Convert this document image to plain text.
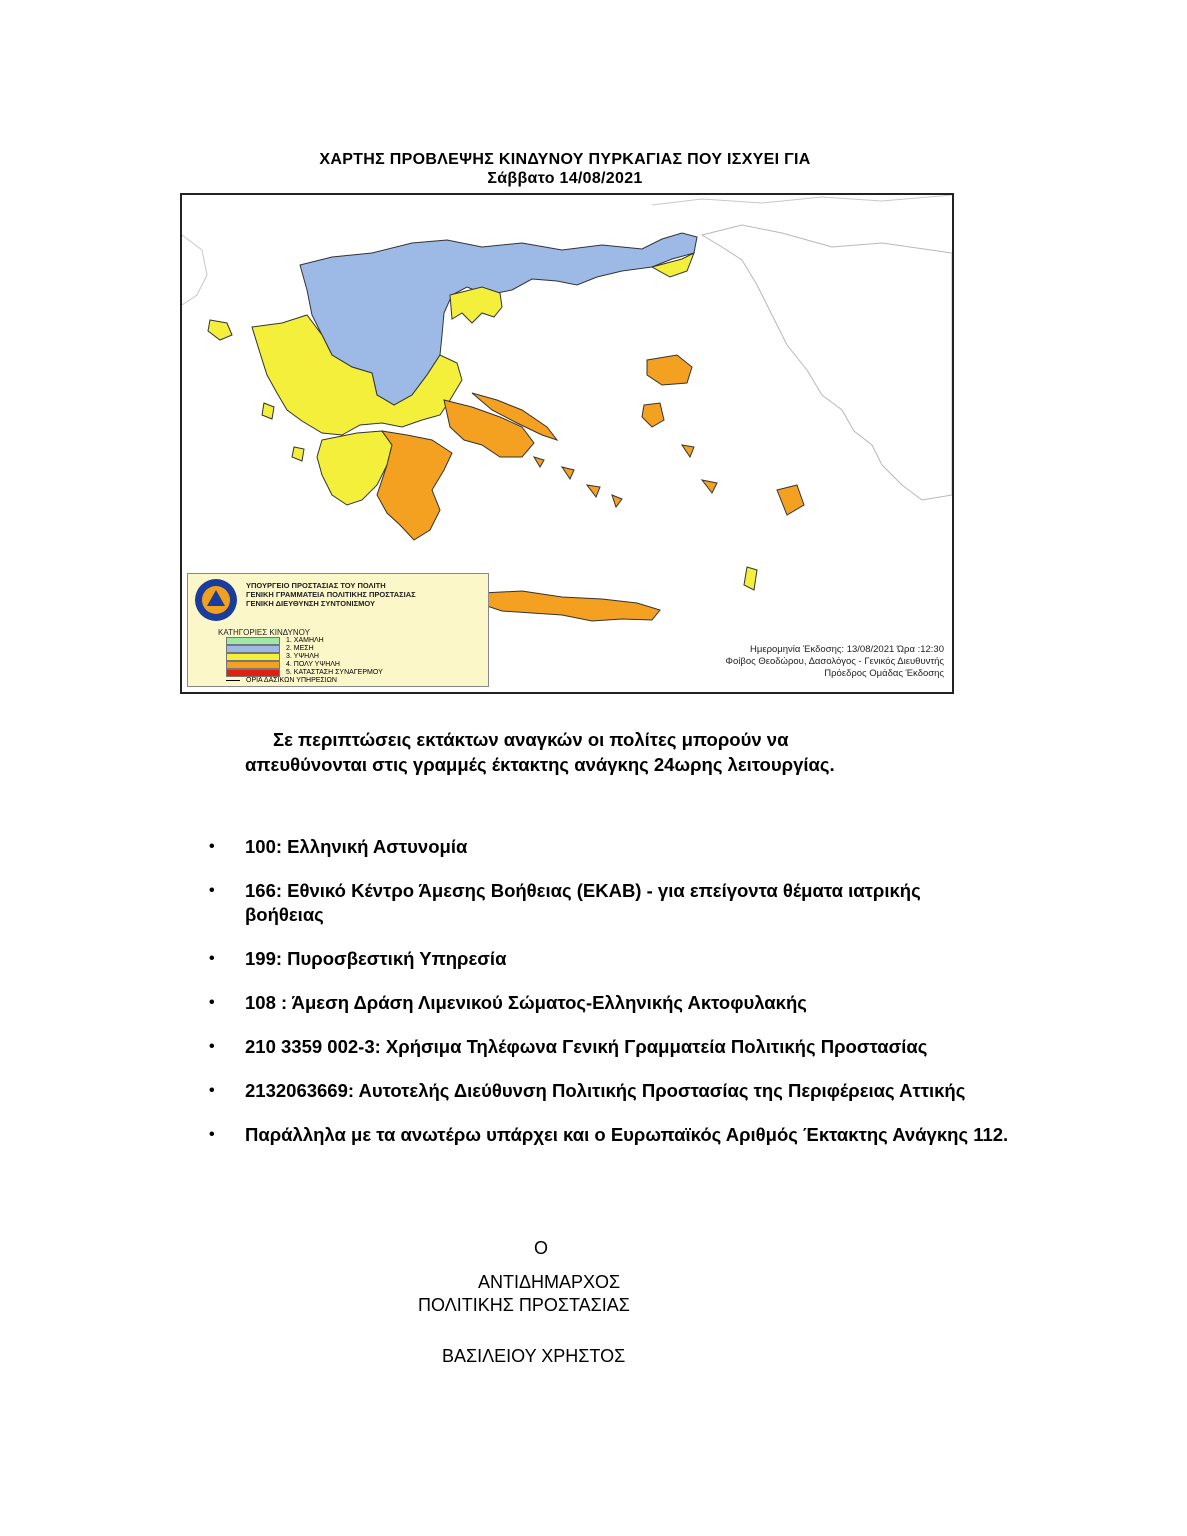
ΧΑΡΤΗΣ ΠΡΟΒΛΕΨΗΣ ΚΙΝΔΥΝΟΥ ΠΥΡΚΑΓΙΑΣ ΠΟΥ ΙΣΧΥΕΙ ΓΙΑ
Σάββατο 14/08/2021
ΥΠΟΥΡΓΕΙΟ ΠΡΟΣΤΑΣΙΑΣ ΤΟΥ ΠΟΛΙΤΗ
ΓΕΝΙΚΗ ΓΡΑΜΜΑΤΕΙΑ ΠΟΛΙΤΙΚΗΣ ΠΡΟΣΤΑΣΙΑΣ
ΓΕΝΙΚΗ ΔΙΕΥΘΥΝΣΗ ΣΥΝΤΟΝΙΣΜΟΥ
ΚΑΤΗΓΟΡΙΕΣ ΚΙΝΔΥΝΟΥ
1. ΧΑΜΗΛΗ
2. ΜΕΣΗ
3. ΥΨΗΛΗ
4. ΠΟΛΥ ΥΨΗΛΗ
5. ΚΑΤΑΣΤΑΣΗ ΣΥΝΑΓΕΡΜΟΥ
ΟΡΙΑ ΔΑΣΙΚΩΝ ΥΠΗΡΕΣΙΩΝ
Ημερομηνία Έκδοσης: 13/08/2021 Ώρα :12:30
Φοίβος Θεοδώρου, Δασολόγος - Γενικός Διευθυντής
Πρόεδρος Ομάδας Έκδοσης
Σε περιπτώσεις εκτάκτων αναγκών οι πολίτες μπορούν να
απευθύνονται στις γραμμές έκτακτης ανάγκης 24ωρης λειτουργίας.
• 100: Ελληνική Αστυνομία
• 166: Εθνικό Κέντρο Άμεσης Βοήθειας (ΕΚΑΒ) - για επείγοντα θέματα ιατρικής βοήθειας
• 199: Πυροσβεστική Υπηρεσία
• 108 : Άμεση Δράση Λιμενικού Σώματος-Ελληνικής Ακτοφυλακής
• 210 3359 002-3: Χρήσιμα Τηλέφωνα Γενική Γραμματεία Πολιτικής Προστασίας
• 2132063669: Αυτοτελής Διεύθυνση Πολιτικής Προστασίας της Περιφέρειας Αττικής
• Παράλληλα με τα ανωτέρω υπάρχει και ο Ευρωπαϊκός Αριθμός Έκτακτης Ανάγκης 112.
Ο
ΑΝΤΙΔΗΜΑΡΧΟΣ
ΠΟΛΙΤΙΚΗΣ ΠΡΟΣΤΑΣΙΑΣ
ΒΑΣΙΛΕΙΟΥ ΧΡΗΣΤΟΣ
